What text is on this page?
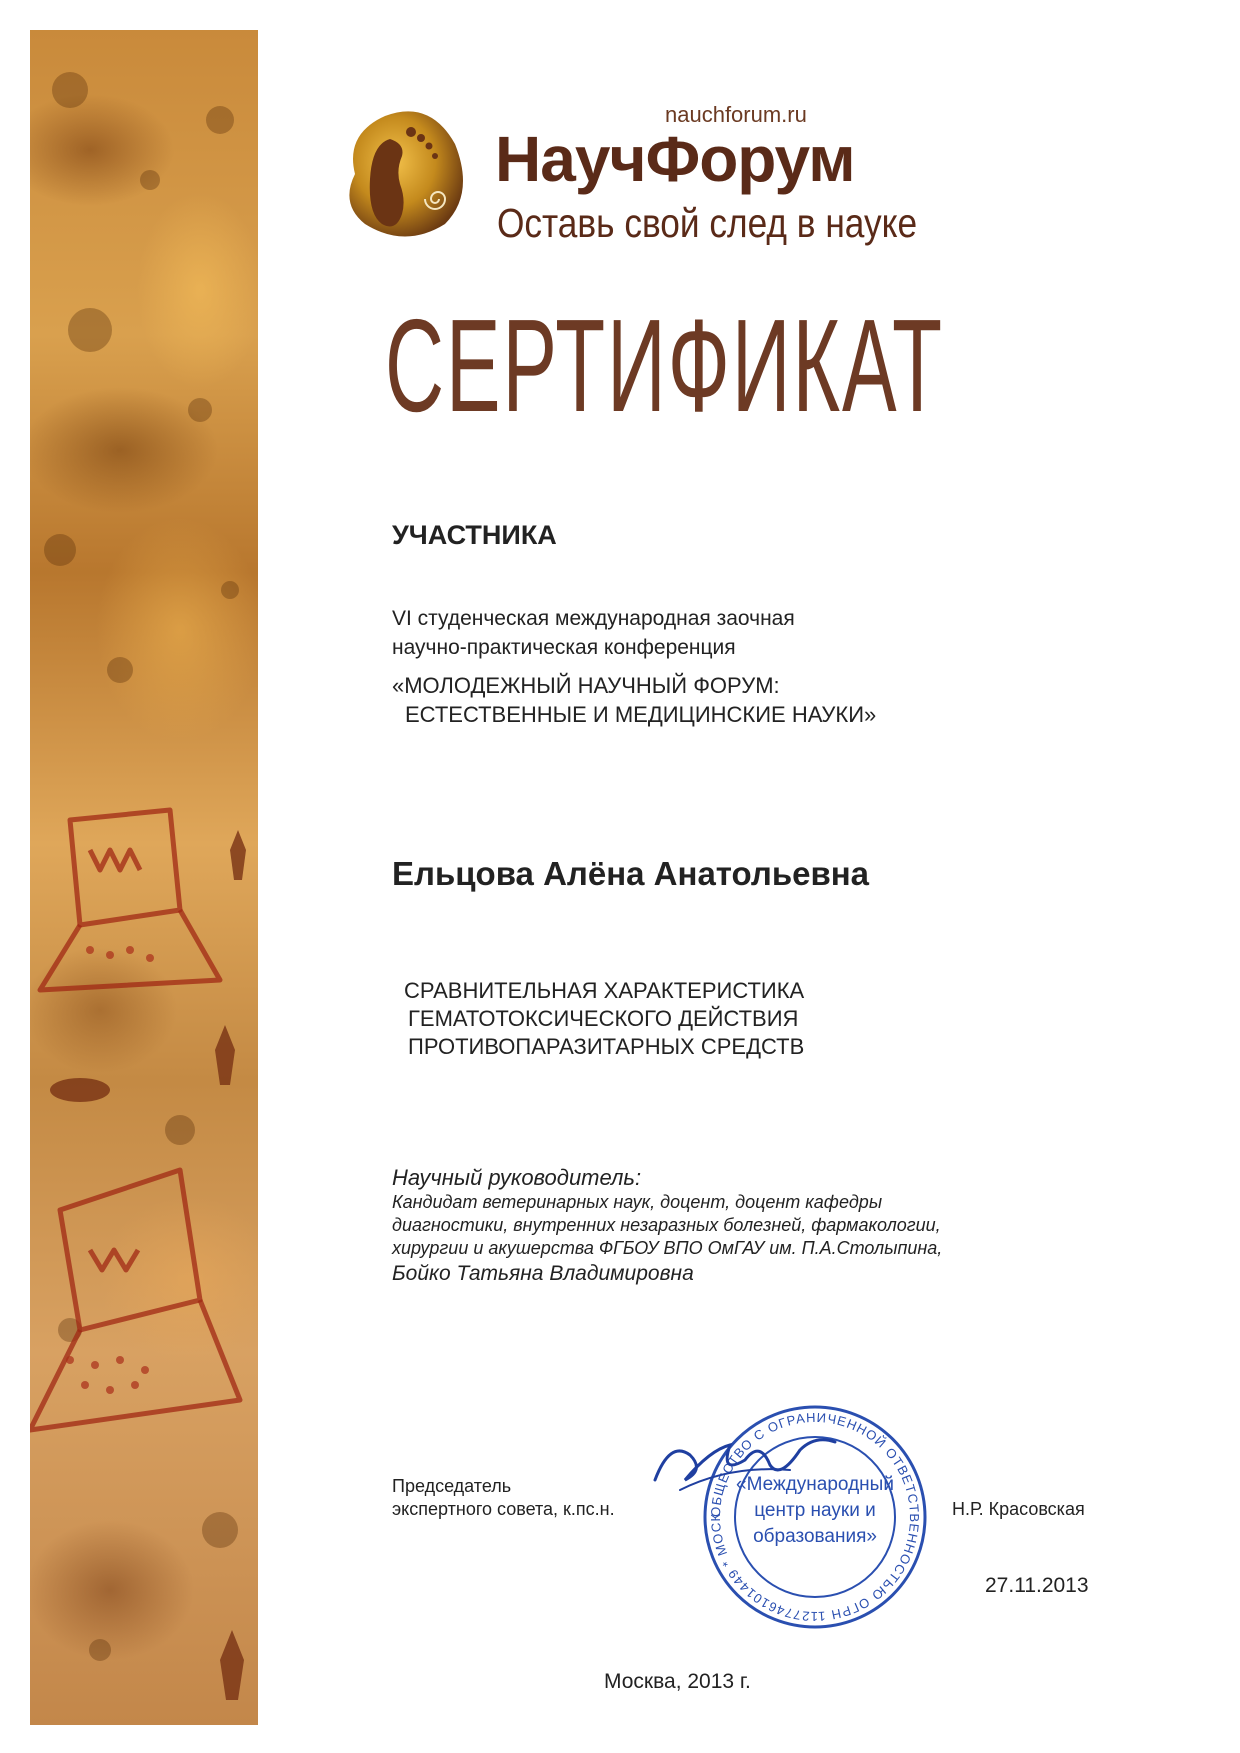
nauchforum.ru
НаучФорум
Оставь свой след в науке
СЕРТИФИКАТ
УЧАСТНИКА
VI студенческая международная заочная
научно-практическая конференция
«МОЛОДЕЖНЫЙ НАУЧНЫЙ ФОРУМ:
ЕСТЕСТВЕННЫЕ И МЕДИЦИНСКИЕ НАУКИ»
Ельцова Алёна Анатольевна
СРАВНИТЕЛЬНАЯ ХАРАКТЕРИСТИКА
ГЕМАТОТОКСИЧЕСКОГО ДЕЙСТВИЯ
ПРОТИВОПАРАЗИТАРНЫХ СРЕДСТВ
Научный руководитель:
Кандидат ветеринарных наук, доцент, доцент кафедры
диагностики, внутренних незаразных болезней, фармакологии,
хирургии и акушерства ФГБОУ ВПО ОмГАУ им. П.А.Столыпина,
Бойко Татьяна Владимировна
Председатель
экспертного совета, к.пс.н.	ОБЩЕСТВО С ОГРАНИЧЕННОЙ ОТВЕТСТВЕННОСТЬЮ ОГРН 1127746101449 * МОСК
«Международный
центр науки и
образования»
Н.Р. Красовская
27.11.2013
Москва, 2013 г.
